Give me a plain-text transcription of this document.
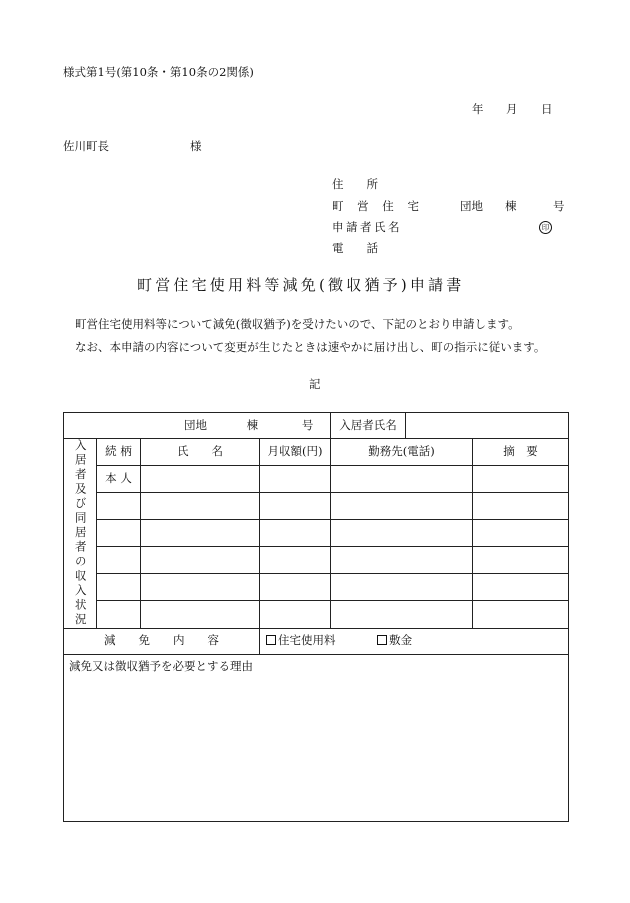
様式第1号(第10条・第10条の2関係)
年 月 日
佐川町長	様
住　　所
町 営 住 宅	団地 棟	号
申請者氏名	印
電　　話
町営住宅使用料等減免(徴収猶予)申請書
町営住宅使用料等について減免(徴収猶予)を受けたいので、下記のとおり申請します。
なお、本申請の内容について変更が生じたときは速やかに届け出し、町の指示に従います。
記
団地 棟 号				入居者氏名		

入居者及び同居者の収入状況	続 柄	氏　　名	月収額(円)	勤務先(電話)		摘　要
	本 人					

減　　免　　内　　容			住宅使用料 敷金			
減免又は徴収猶予を必要とする理由						
